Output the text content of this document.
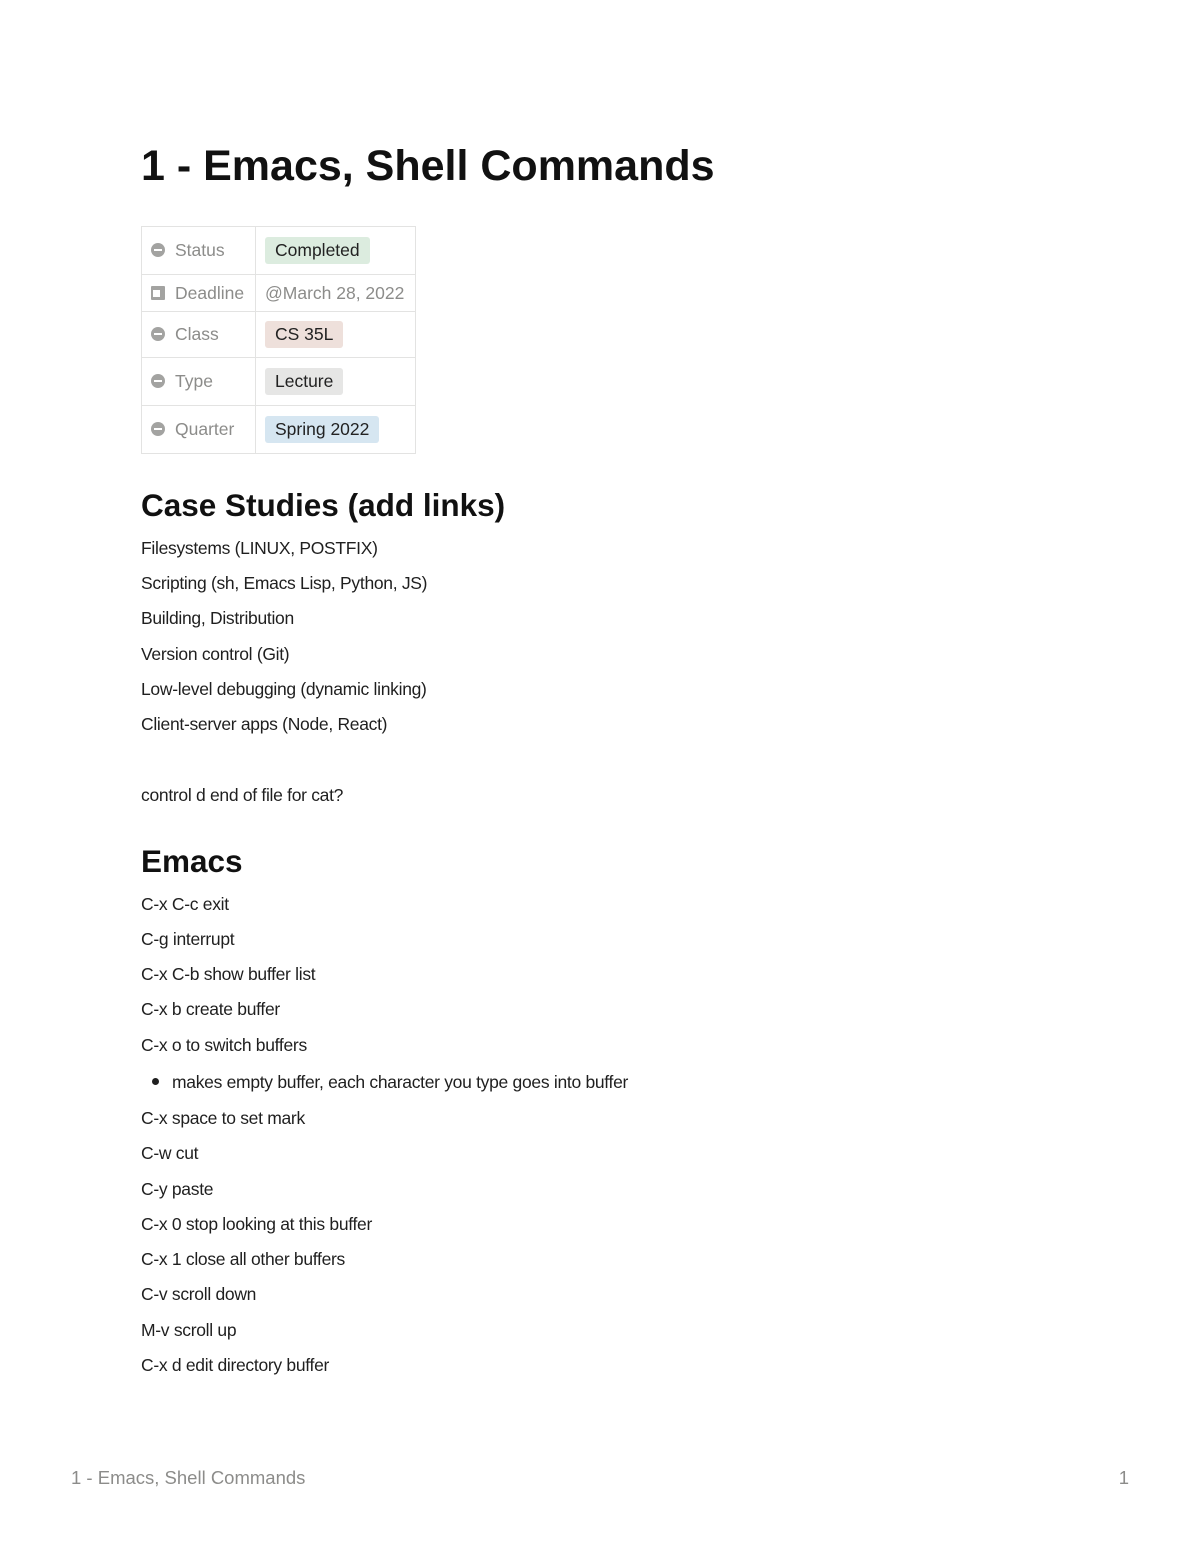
1 - Emacs, Shell Commands
Status	Completed
Deadline	@March 28, 2022
Class	CS 35L
Type	Lecture
Quarter	Spring 2022
Case Studies (add links)

Filesystems (LINUX, POSTFIX)

Scripting (sh, Emacs Lisp, Python, JS)

Building, Distribution

Version control (Git)

Low-level debugging (dynamic linking)

Client-server apps (Node, React)

control d end of file for cat?

Emacs

C-x C-c exit

C-g interrupt

C-x C-b show buffer list

C-x b create buffer

C-x o to switch buffers

makes empty buffer, each character you type goes into buffer

C-x space to set mark

C-w cut

C-y paste

C-x 0 stop looking at this buffer

C-x 1 close all other buffers

C-v scroll down

M-v scroll up

C-x d edit directory buffer

1 - Emacs, Shell Commands	1
